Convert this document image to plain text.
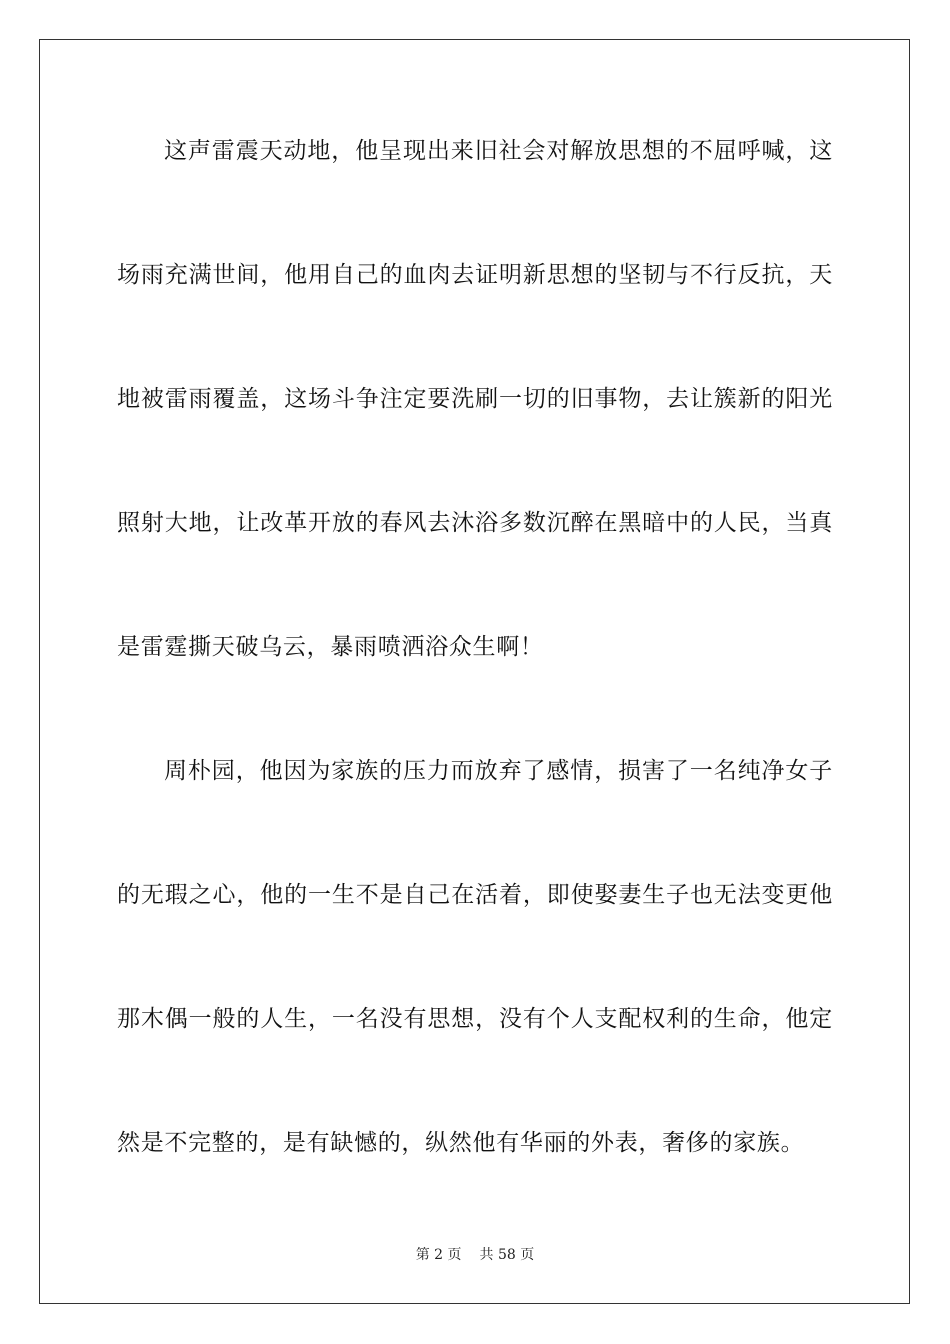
这声雷震天动地，他呈现出来旧社会对解放思想的不屈呼喊，这
场雨充满世间，他用自己的血肉去证明新思想的坚韧与不行反抗，天
地被雷雨覆盖，这场斗争注定要洗刷一切的旧事物，去让簇新的阳光
照射大地，让改革开放的春风去沐浴多数沉醉在黑暗中的人民，当真
是雷霆撕天破乌云，暴雨喷洒浴众生啊！
周朴园，他因为家族的压力而放弃了感情，损害了一名纯净女子
的无瑕之心，他的一生不是自己在活着，即使娶妻生子也无法变更他
那木偶一般的人生，一名没有思想，没有个人支配权利的生命，他定
然是不完整的，是有缺憾的，纵然他有华丽的外表，奢侈的家族。
第 2 页 共 58 页
